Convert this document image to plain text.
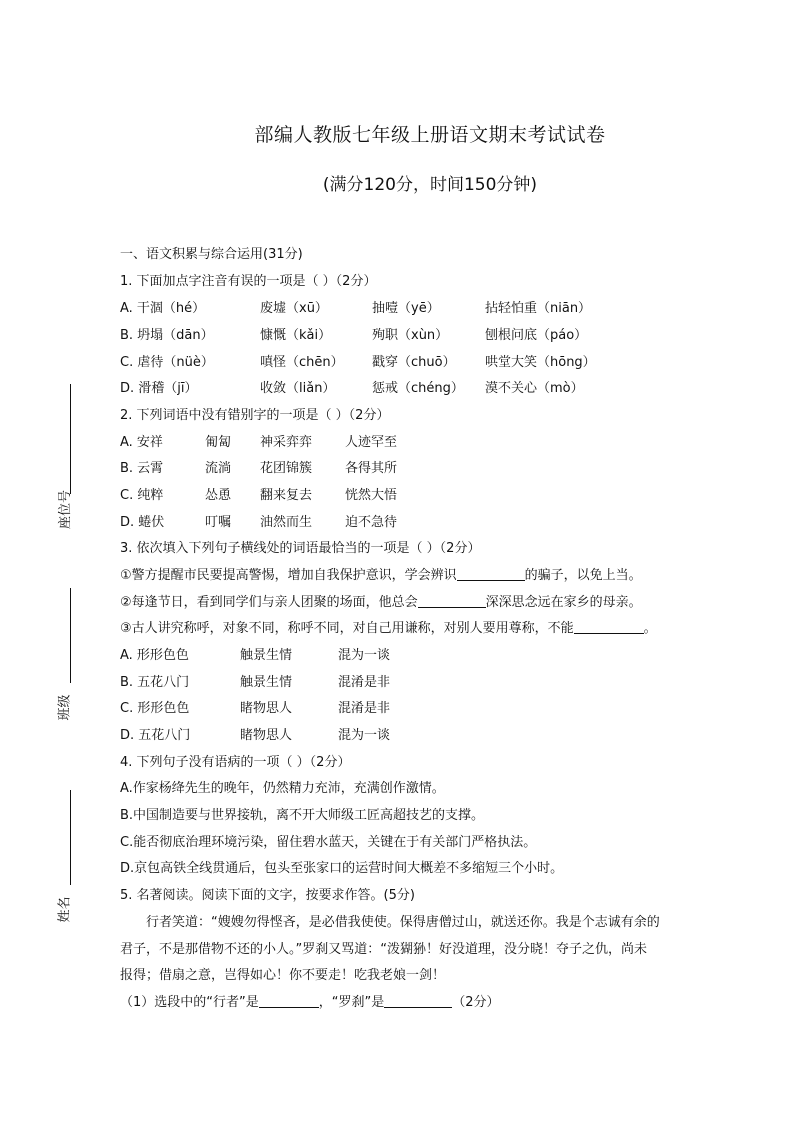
座位号
班级
姓名
部编人教版七年级上册语文期末考试试卷
(满分120分，时间150分钟)
一、语文积累与综合运用(31分)
1. 下面加点字注音有误的一项是（ ）（2分）
A. 干涸（hé）	废墟（xū）	抽噎（yē）	拈轻怕重（niān）
B. 坍塌（dān）	慷慨（kǎi）	殉职（xùn）	刨根问底（páo）
C. 虐待（nüè）	嗔怪（chēn） 戳穿（chuō） 哄堂大笑（hōng）
D. 滑稽（jī）	收敛（liǎn）	惩戒（chéng） 漠不关心（mò）
2. 下列词语中没有错别字的一项是（ ）（2分）
A. 安祥	匍匐 神采弈弈	人迹罕至
B. 云霄	流淌 花团锦簇	各得其所
C. 纯粹	怂恿 翻来复去	恍然大悟
D. 蜷伏	叮嘱 油然而生	迫不急待
3. 依次填入下列句子横线处的词语最恰当的一项是（ ）（2分）
①警方提醒市民要提高警惕，增加自我保护意识，学会辨识	的骗子，以免上当。
②每逢节日，看到同学们与亲人团聚的场面，他总会	深深思念远在家乡的母亲。
③古人讲究称呼，对象不同，称呼不同，对自己用谦称，对别人要用尊称，不能	。
A. 形形色色	触景生情	混为一谈
B. 五花八门	触景生情	混淆是非
C. 形形色色	睹物思人	混淆是非
D. 五花八门	睹物思人	混为一谈
4. 下列句子没有语病的一项（ ）（2分）
A.作家杨绛先生的晚年，仍然精力充沛，充满创作激情。
B.中国制造要与世界接轨，离不开大师级工匠高超技艺的支撑。
C.能否彻底治理环境污染，留住碧水蓝天，关键在于有关部门严格执法。
D.京包高铁全线贯通后，包头至张家口的运营时间大概差不多缩短三个小时。
5. 名著阅读。阅读下面的文字，按要求作答。(5分)
行者笑道：“嫂嫂勿得悭吝，是必借我使使。保得唐僧过山，就送还你。我是个志诚有余的
君子，不是那借物不还的小人。”罗刹又骂道：“泼猢狲！好没道理，没分晓！夺子之仇，尚未
报得；借扇之意，岂得如心！你不要走！吃我老娘一剑！
（1）选段中的“行者”是	，“罗刹”是	（2分）
